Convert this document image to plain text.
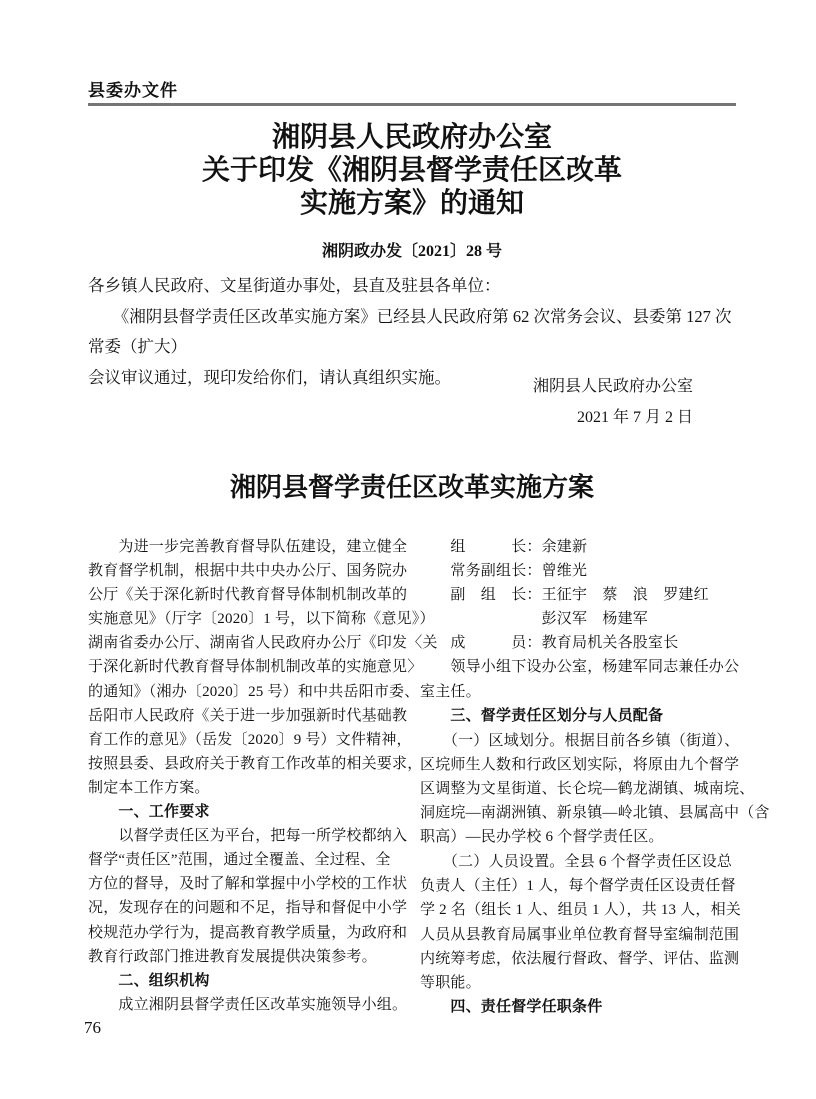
县委办文件
湘阴县人民政府办公室
关于印发《湘阴县督学责任区改革
实施方案》的通知
湘阴政办发〔2021〕28 号
各乡镇人民政府、文星街道办事处，县直及驻县各单位：
　　《湘阴县督学责任区改革实施方案》已经县人民政府第 62 次常务会议、县委第 127 次常委（扩大）
会议审议通过，现印发给你们，请认真组织实施。	湘阴县人民政府办公室
2021 年 7 月 2 日
湘阴县督学责任区改革实施方案
　　为进一步完善教育督导队伍建设，建立健全
教育督学机制，根据中共中央办公厅、国务院办
公厅《关于深化新时代教育督导体制机制改革的
实施意见》（厅字〔2020〕1 号，以下简称《意见》）
湖南省委办公厅、湖南省人民政府办公厅《印发〈关
于深化新时代教育督导体制机制改革的实施意见〉
的通知》（湘办〔2020〕25 号）和中共岳阳市委、
岳阳市人民政府《关于进一步加强新时代基础教
育工作的意见》（岳发〔2020〕9 号）文件精神，
按照县委、县政府关于教育工作改革的相关要求，
制定本工作方案。
　　一、工作要求
　　以督学责任区为平台，把每一所学校都纳入
督学“责任区”范围，通过全覆盖、全过程、全
方位的督导，及时了解和掌握中小学校的工作状
况，发现存在的问题和不足，指导和督促中小学
校规范办学行为，提高教育教学质量，为政府和
教育行政部门推进教育发展提供决策参考。
　　二、组织机构
　　成立湘阴县督学责任区改革实施领导小组。
　　组　　　长：余建新
　　常务副组长：曾维光
　　副　组　长：王征宇　蔡　浪　罗建红
　　　　　　　　彭汉军　杨建军
　　成　　　员：教育局机关各股室长
　　领导小组下设办公室，杨建军同志兼任办公
室主任。
　　三、督学责任区划分与人员配备
　　（一）区域划分。根据目前各乡镇（街道）、
区垸师生人数和行政区划实际，将原由九个督学
区调整为文星街道、长仑垸—鹤龙湖镇、城南垸、
洞庭垸—南湖洲镇、新泉镇—岭北镇、县属高中（含
职高）—民办学校 6 个督学责任区。
　　（二）人员设置。全县 6 个督学责任区设总
负责人（主任）1 人，每个督学责任区设责任督
学 2 名（组长 1 人、组员 1 人），共 13 人，相关
人员从县教育局属事业单位教育督导室编制范围
内统筹考虑，依法履行督政、督学、评估、监测
等职能。
　　四、责任督学任职条件
76
